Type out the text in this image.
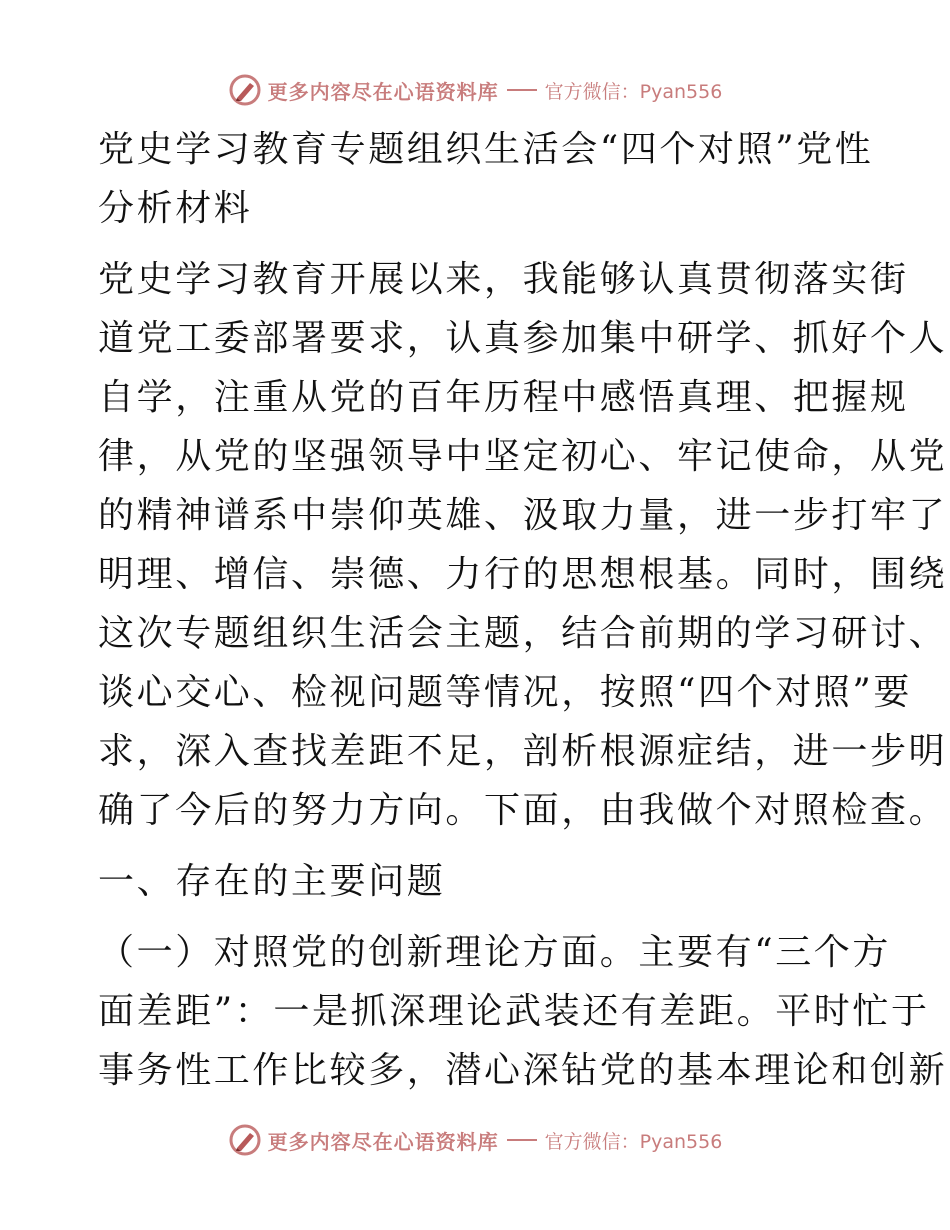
更多内容尽在心语资料库 官方微信：Pyan556
党史学习教育专题组织生活会“四个对照”党性
分析材料
党史学习教育开展以来，我能够认真贯彻落实街
道党工委部署要求，认真参加集中研学、抓好个人
自学，注重从党的百年历程中感悟真理、把握规
律，从党的坚强领导中坚定初心、牢记使命，从党
的精神谱系中崇仰英雄、汲取力量，进一步打牢了
明理、增信、崇德、力行的思想根基。同时，围绕
这次专题组织生活会主题，结合前期的学习研讨、
谈心交心、检视问题等情况，按照“四个对照”要
求，深入查找差距不足，剖析根源症结，进一步明
确了今后的努力方向。下面，由我做个对照检查。
一、存在的主要问题
（一）对照党的创新理论方面。主要有“三个方
面差距”：一是抓深理论武装还有差距。平时忙于
事务性工作比较多，潜心深钻党的基本理论和创新
更多内容尽在心语资料库 官方微信：Pyan556
